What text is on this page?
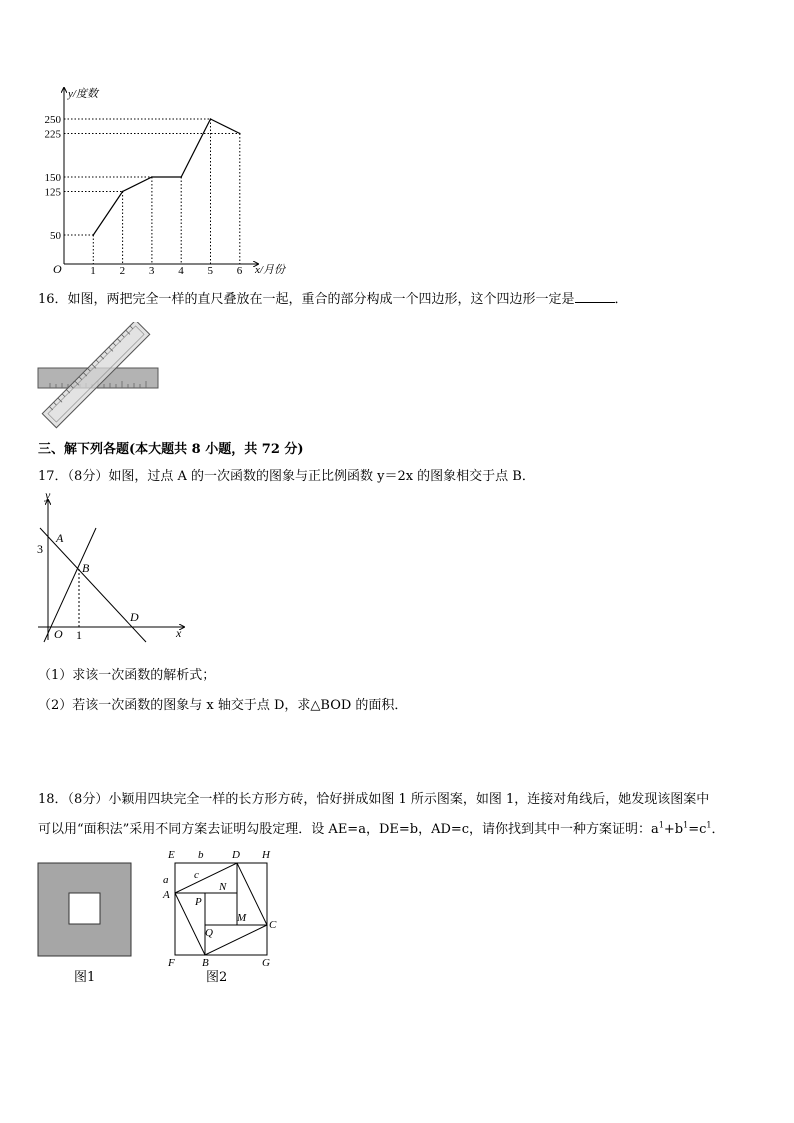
1 2 3 4 5 6
250
225
150
125
50
y/度数
x/月份
O
16．如图，两把完全一样的直尺叠放在一起，重合的部分构成一个四边形，这个四边形一定是	．
三、解下列各题(本大题共 8 小题，共 72 分)
17．（8分）如图，过点 A 的一次函数的图象与正比例函数 y＝2x 的图象相交于点 B．
y
x
3
A
B
O 1
D
（1）求该一次函数的解析式；
（2）若该一次函数的图象与 x 轴交于点 D，求△BOD 的面积．
18．（8分）小颖用四块完全一样的长方形方砖，恰好拼成如图 1 所示图案，如图 1，连接对角线后，她发现该图案中
可以用“面积法”采用不同方案去证明勾股定理．设 AE=a，DE=b，AD=c，请你找到其中一种方案证明：$a^1+b^1=c^1$．
图1
E b	D H
a c
N
A
P
M
C
Q
F B	G
图2
